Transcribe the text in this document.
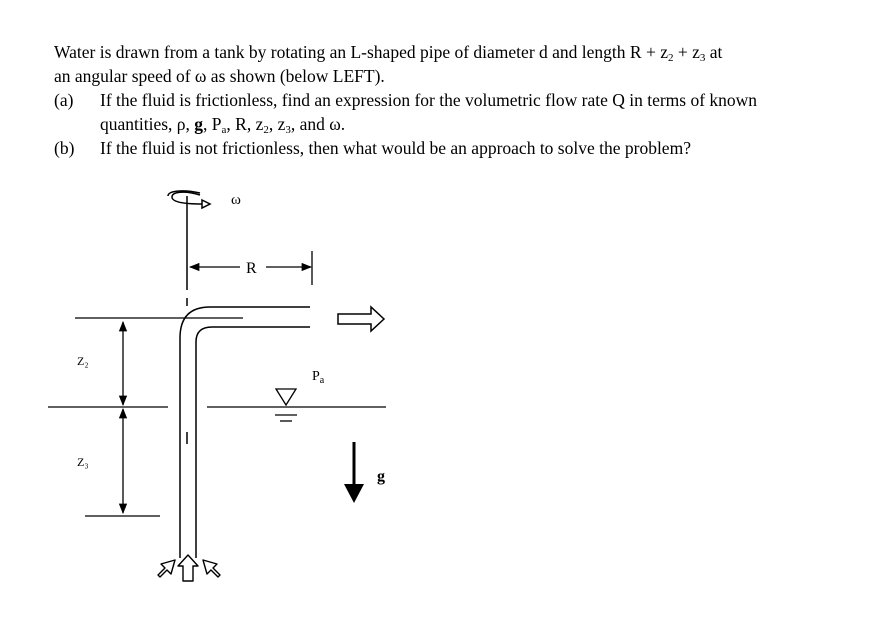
Water is drawn from a tank by rotating an L-shaped pipe of diameter d and length $R + z_2 + z_3$ at
an angular speed of ω as shown (below LEFT).

(a) If the fluid is frictionless, find an expression for the volumetric flow rate Q in terms of known
quantities, ρ, g, $P_a$, R, $z_2$, $z_3$, and ω.
(b) If the fluid is not frictionless, then what would be an approach to solve the problem?
ω
R
Z₂
Z₃
$P_a$
g
